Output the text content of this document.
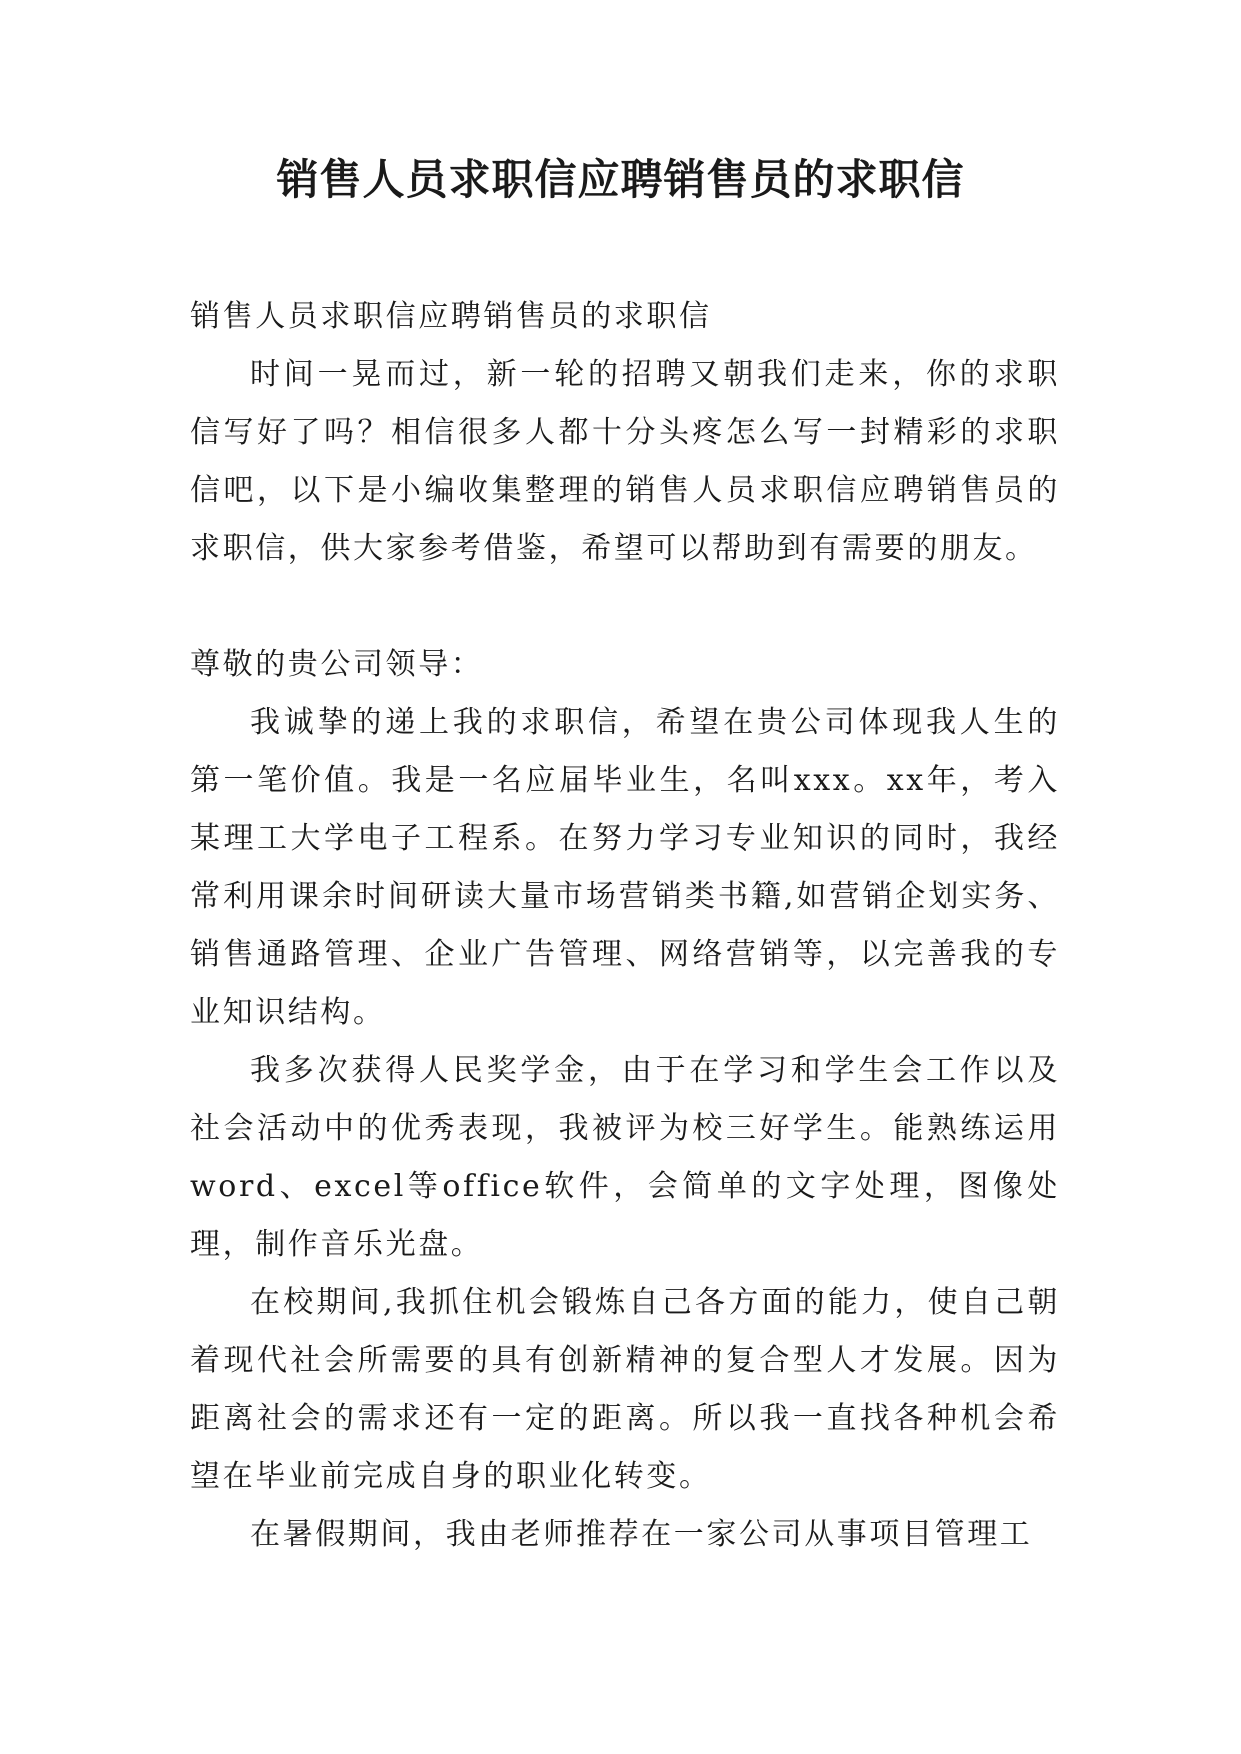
销售人员求职信应聘销售员的求职信

销售人员求职信应聘销售员的求职信

时间一晃而过，新一轮的招聘又朝我们走来，你的求职信写好了吗？相信很多人都十分头疼怎么写一封精彩的求职信吧，以下是小编收集整理的销售人员求职信应聘销售员的求职信，供大家参考借鉴，希望可以帮助到有需要的朋友。

尊敬的贵公司领导：

我诚挚的递上我的求职信，希望在贵公司体现我人生的第一笔价值。我是一名应届毕业生，名叫xxx。xx年，考入某理工大学电子工程系。在努力学习专业知识的同时，我经常利用课余时间研读大量市场营销类书籍,如营销企划实务、销售通路管理、企业广告管理、网络营销等，以完善我的专业知识结构。

我多次获得人民奖学金，由于在学习和学生会工作以及社会活动中的优秀表现，我被评为校三好学生。能熟练运用word、excel等office软件，会简单的文字处理，图像处理，制作音乐光盘。

在校期间,我抓住机会锻炼自己各方面的能力，使自己朝着现代社会所需要的具有创新精神的复合型人才发展。因为距离社会的需求还有一定的距离。所以我一直找各种机会希望在毕业前完成自身的职业化转变。

在暑假期间，我由老师推荐在一家公司从事项目管理工
